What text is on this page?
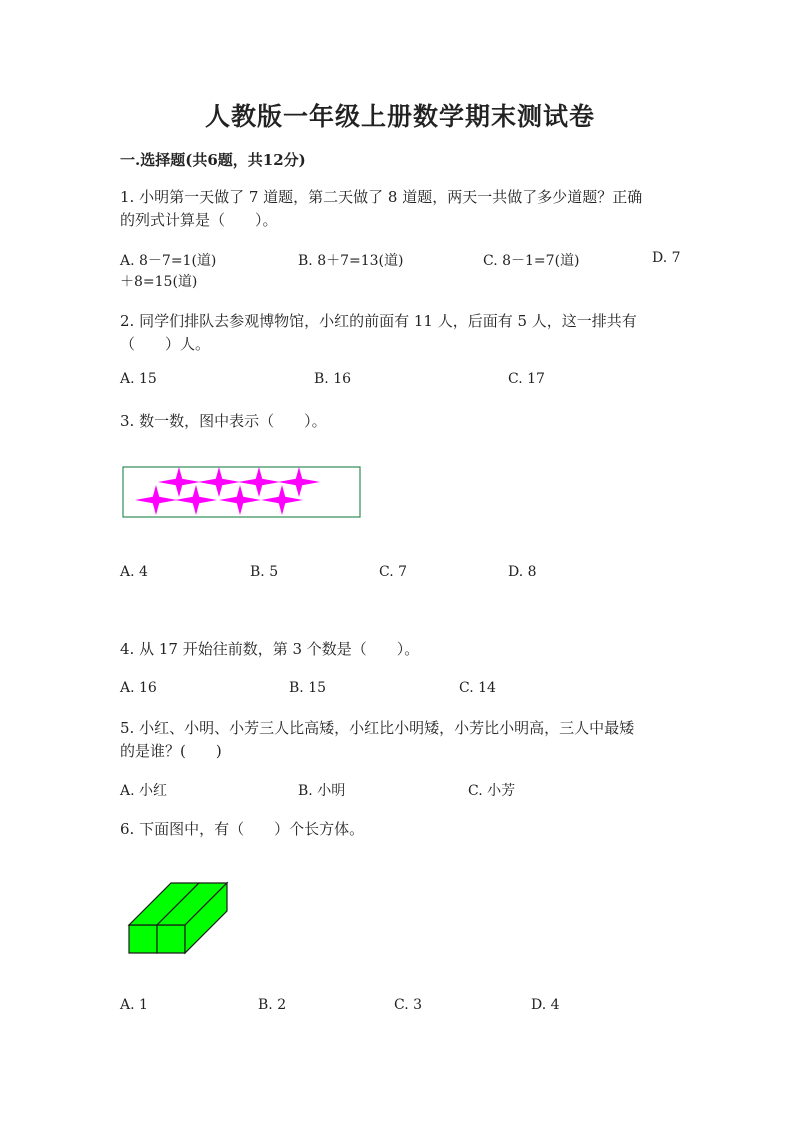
人教版一年级上册数学期末测试卷
一.选择题(共6题，共12分)
1. 小明第一天做了 7 道题，第二天做了 8 道题，两天一共做了多少道题？正确
的列式计算是（　　）。
A. 8－7=1(道)	B. 8＋7=13(道)	C. 8－1=7(道)	D. 7
＋8=15(道)
2. 同学们排队去参观博物馆，小红的前面有 11 人，后面有 5 人，这一排共有
（　　）人。
A. 15	B. 16	C. 17
3. 数一数，图中表示（　　）。
A. 4	B. 5	C. 7	D. 8
4. 从 17 开始往前数，第 3 个数是（　　）。
A. 16	B. 15	C. 14
5. 小红、小明、小芳三人比高矮，小红比小明矮，小芳比小明高，三人中最矮
的是谁？(　　)
A. 小红	B. 小明	C. 小芳
6. 下面图中，有（　　）个长方体。
A. 1	B. 2	C. 3	D. 4
